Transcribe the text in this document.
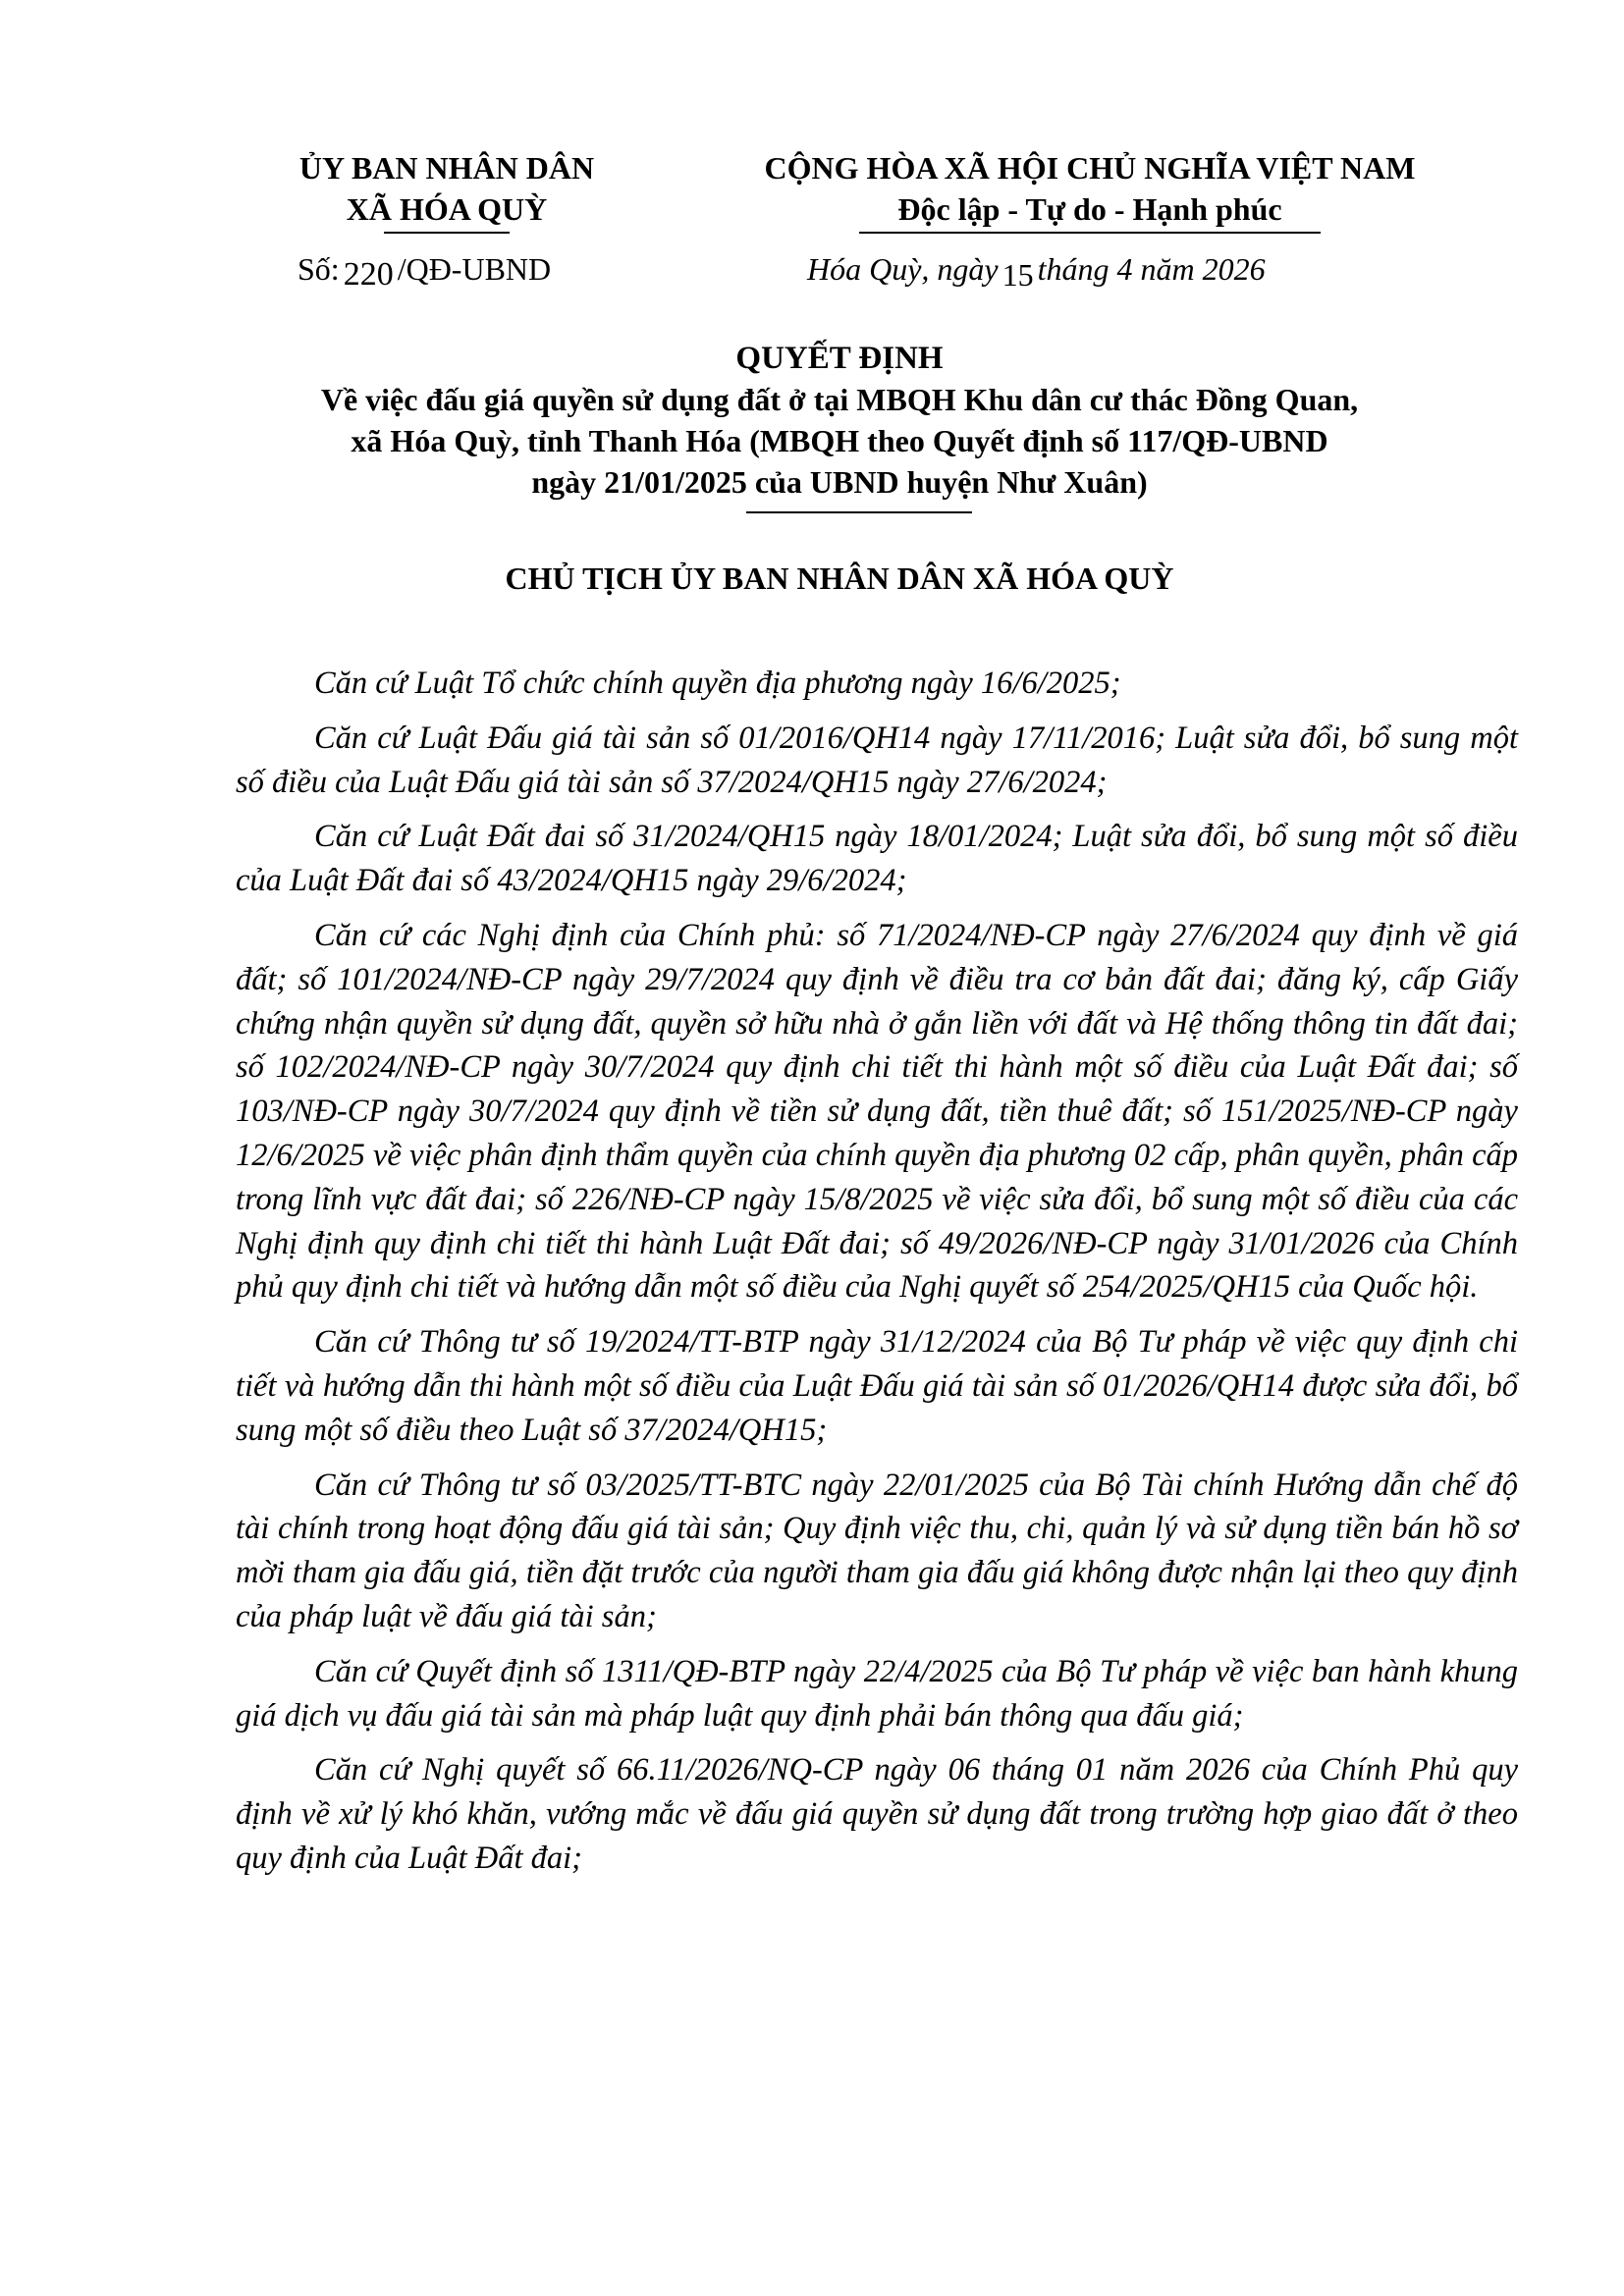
ỦY BAN NHÂN DÂN
XÃ HÓA QUỲ
CỘNG HÒA XÃ HỘI CHỦ NGHĨA VIỆT NAM
Độc lập - Tự do - Hạnh phúc
Số: 220 /QĐ-UBND	Hóa Quỳ, ngày 15 tháng 4 năm 2026
QUYẾT ĐỊNH
Về việc đấu giá quyền sử dụng đất ở tại MBQH Khu dân cư thác Đồng Quan,
xã Hóa Quỳ, tỉnh Thanh Hóa (MBQH theo Quyết định số 117/QĐ-UBND
ngày 21/01/2025 của UBND huyện Như Xuân)
CHỦ TỊCH ỦY BAN NHÂN DÂN XÃ HÓA QUỲ

Căn cứ Luật Tổ chức chính quyền địa phương ngày 16/6/2025;

Căn cứ Luật Đấu giá tài sản số 01/2016/QH14 ngày 17/11/2016; Luật sửa đổi, bổ sung một số điều của Luật Đấu giá tài sản số 37/2024/QH15 ngày 27/6/2024;

Căn cứ Luật Đất đai số 31/2024/QH15 ngày 18/01/2024; Luật sửa đổi, bổ sung một số điều của Luật Đất đai số 43/2024/QH15 ngày 29/6/2024;

Căn cứ các Nghị định của Chính phủ: số 71/2024/NĐ-CP ngày 27/6/2024 quy định về giá đất; số 101/2024/NĐ-CP ngày 29/7/2024 quy định về điều tra cơ bản đất đai; đăng ký, cấp Giấy chứng nhận quyền sử dụng đất, quyền sở hữu nhà ở gắn liền với đất và Hệ thống thông tin đất đai; số 102/2024/NĐ-CP ngày 30/7/2024 quy định chi tiết thi hành một số điều của Luật Đất đai; số 103/NĐ-CP ngày 30/7/2024 quy định về tiền sử dụng đất, tiền thuê đất; số 151/2025/NĐ-CP ngày 12/6/2025 về việc phân định thẩm quyền của chính quyền địa phương 02 cấp, phân quyền, phân cấp trong lĩnh vực đất đai; số 226/NĐ-CP ngày 15/8/2025 về việc sửa đổi, bổ sung một số điều của các Nghị định quy định chi tiết thi hành Luật Đất đai; số 49/2026/NĐ-CP ngày 31/01/2026 của Chính phủ quy định chi tiết và hướng dẫn một số điều của Nghị quyết số 254/2025/QH15 của Quốc hội.

Căn cứ Thông tư số 19/2024/TT-BTP ngày 31/12/2024 của Bộ Tư pháp về việc quy định chi tiết và hướng dẫn thi hành một số điều của Luật Đấu giá tài sản số 01/2026/QH14 được sửa đổi, bổ sung một số điều theo Luật số 37/2024/QH15;

Căn cứ Thông tư số 03/2025/TT-BTC ngày 22/01/2025 của Bộ Tài chính Hướng dẫn chế độ tài chính trong hoạt động đấu giá tài sản; Quy định việc thu, chi, quản lý và sử dụng tiền bán hồ sơ mời tham gia đấu giá, tiền đặt trước của người tham gia đấu giá không được nhận lại theo quy định của pháp luật về đấu giá tài sản;

Căn cứ Quyết định số 1311/QĐ-BTP ngày 22/4/2025 của Bộ Tư pháp về việc ban hành khung giá dịch vụ đấu giá tài sản mà pháp luật quy định phải bán thông qua đấu giá;

Căn cứ Nghị quyết số 66.11/2026/NQ-CP ngày 06 tháng 01 năm 2026 của Chính Phủ quy định về xử lý khó khăn, vướng mắc về đấu giá quyền sử dụng đất trong trường hợp giao đất ở theo quy định của Luật Đất đai;
